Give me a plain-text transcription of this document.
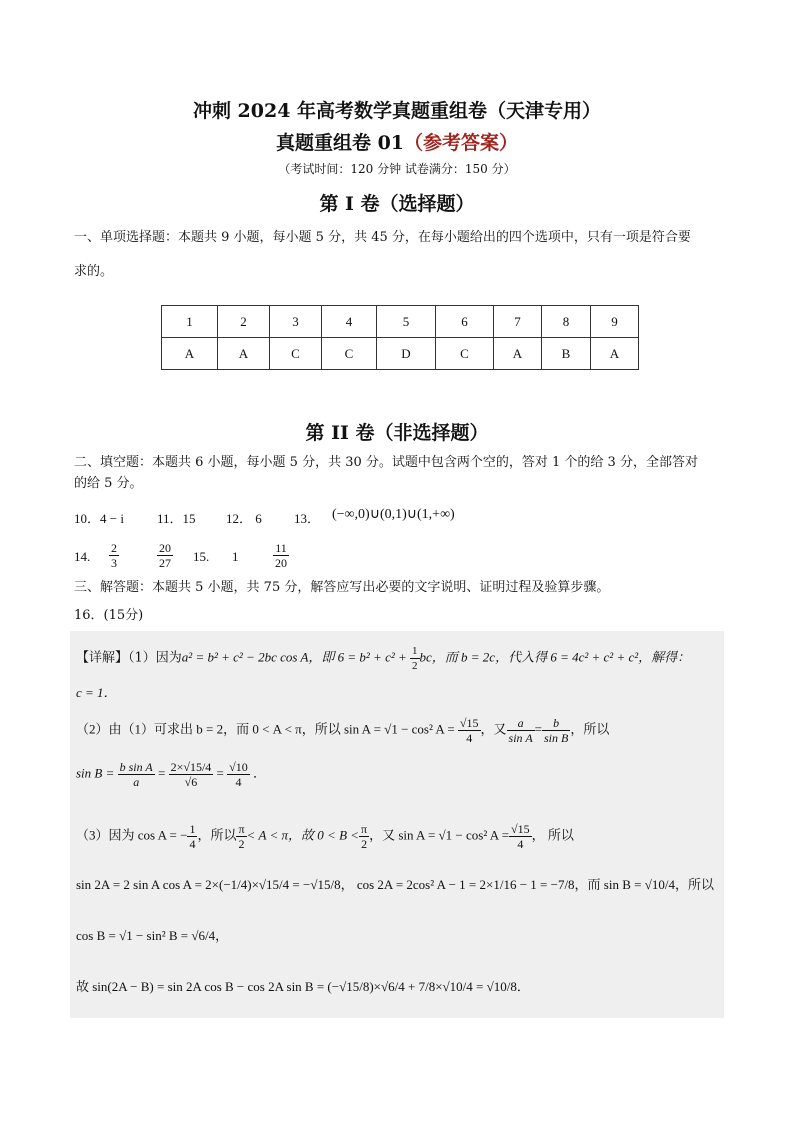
冲刺 2024 年高考数学真题重组卷（天津专用）
真题重组卷 01（参考答案）
（考试时间：120 分钟 试卷满分：150 分）
第 I 卷（选择题）
一、单项选择题：本题共 9 小题，每小题 5 分，共 45 分，在每小题给出的四个选项中，只有一项是符合要
求的。
1	2	3	4	5	6	7	8	9
A	A	C	C	D	C	A	B	A
第 II 卷（非选择题）
二、填空题：本题共 6 小题，每小题 5 分，共 30 分。试题中包含两个空的，答对 1 个的给 3 分，全部答对
的给 5 分。
10．4 − i	11．15 12． 6 13． (−∞,0)∪(0,1)∪(1,+∞)
14. $\frac{2}{3}$	$\frac{20}{27} 15$. 1	$\frac{11}{20}$
三、解答题：本题共 5 小题，共 75 分，解答应写出必要的文字说明、证明过程及验算步骤。
16．(15分)
【详解】（1）因为a² = b² + c² − 2bc cos A，即 $6 = b^2 + c^2 + \frac{1}{2}$ bc，而 b = 2c，代入得 6 = 4c² + c² + c²，解得：
c = 1．
（2）由（1）可求出 b = 2，而 0 < A < π，所以 sin A = √1 − cos² $A = \frac{√15}{4}$ ，又 $\frac{a}{\text{sin A}} = \frac{b}{\text{sin B}}$ ，所以
$\sin B = \frac{\text{b sin A}}{a} = \frac{2\times√15/4}{√6} = \frac{√10}{4}$ ．
（3）因为 cos A = − $\frac{1}{4}$ ，所以 $\frac{\pi}{2} < A < \pi$，故 $0 < B < \frac{\pi}{2}$ ，又 sin A = √1 − cos² $A = \frac{√15}{4}$ ， 所以
sin 2A = 2 sin A cos A = 2×(−1/4)×√15/4 = −√15/8， cos 2A = 2cos² A − 1 = 2×1/16 − 1 = −7/8，而 sin B = √10/4，所以
cos B = √1 − sin² B = √6/4，
故 sin(2A − B) = sin 2A cos B − cos 2A sin B = (−√15/8)×√6/4 + 7/8×√10/4 = √10/8．
